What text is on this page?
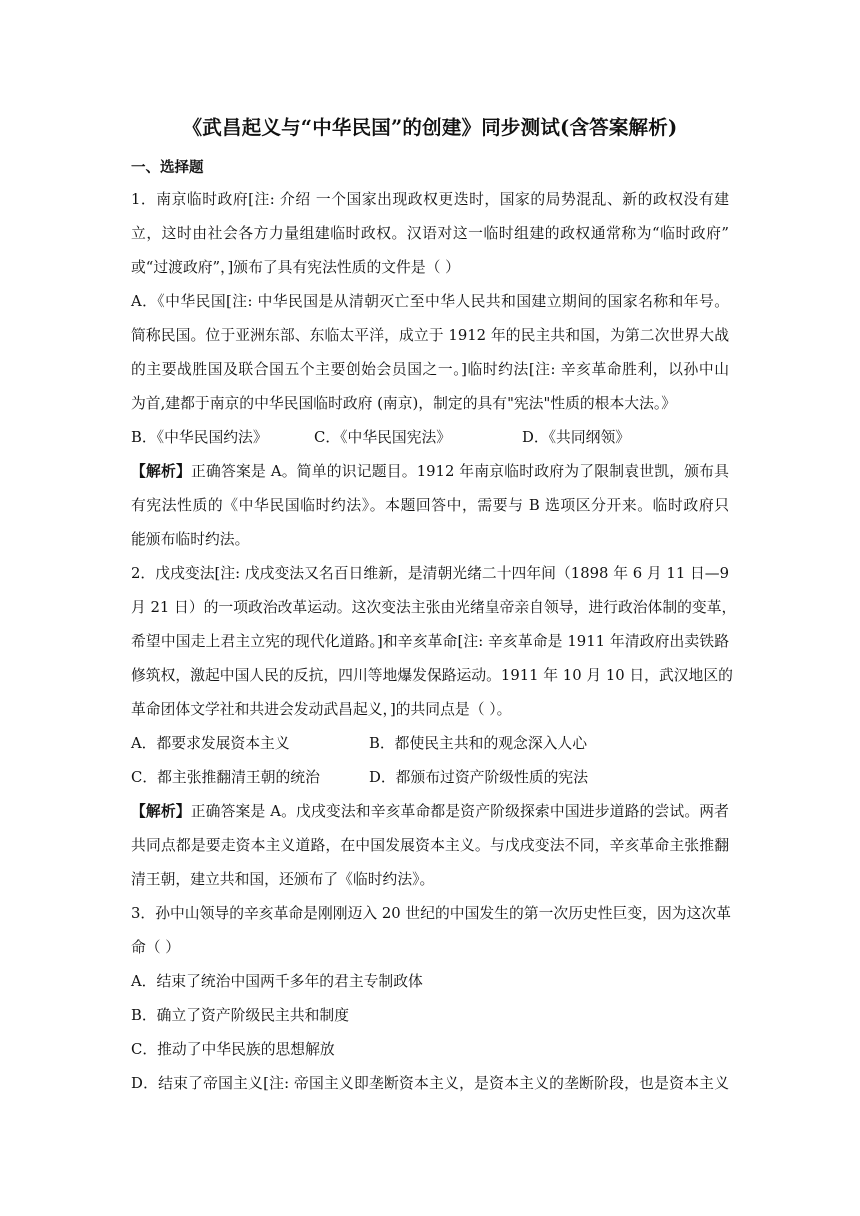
《武昌起义与“中华民国”的创建》同步测试(含答案解析)
一、选择题
1．南京临时政府[注: 介绍 一个国家出现政权更迭时，国家的局势混乱、新的政权没有建
立，这时由社会各方力量组建临时政权。汉语对这一临时组建的政权通常称为“临时政府”
或“过渡政府”，]颁布了具有宪法性质的文件是（ ）
A．《中华民国[注: 中华民国是从清朝灭亡至中华人民共和国建立期间的国家名称和年号。
简称民国。位于亚洲东部、东临太平洋，成立于 1912 年的民主共和国，为第二次世界大战
的主要战胜国及联合国五个主要创始会员国之一。]临时约法[注: 辛亥革命胜利，以孙中山
为首,建都于南京的中华民国临时政府 (南京)，制定的具有"宪法"性质的根本大法。》
B．《中华民国约法》	C．《中华民国宪法》	D．《共同纲领》
【解析】正确答案是 A。简单的识记题目。1912 年南京临时政府为了限制袁世凯，颁布具
有宪法性质的《中华民国临时约法》。本题回答中，需要与 B 选项区分开来。临时政府只
能颁布临时约法。
2．戊戌变法[注: 戊戌变法又名百日维新，是清朝光绪二十四年间（1898 年 6 月 11 日—9
月 21 日）的一项政治改革运动。这次变法主张由光绪皇帝亲自领导，进行政治体制的变革，
希望中国走上君主立宪的现代化道路。]和辛亥革命[注: 辛亥革命是 1911 年清政府出卖铁路
修筑权，激起中国人民的反抗，四川等地爆发保路运动。1911 年 10 月 10 日，武汉地区的
革命团体文学社和共进会发动武昌起义，]的共同点是（ ）。
A．都要求发展资本主义	B．都使民主共和的观念深入人心
C．都主张推翻清王朝的统治	D．都颁布过资产阶级性质的宪法
【解析】正确答案是 A。戊戌变法和辛亥革命都是资产阶级探索中国进步道路的尝试。两者
共同点都是要走资本主义道路，在中国发展资本主义。与戊戌变法不同，辛亥革命主张推翻
清王朝，建立共和国，还颁布了《临时约法》。
3．孙中山领导的辛亥革命是刚刚迈入 20 世纪的中国发生的第一次历史性巨变，因为这次革
命（ ）
A．结束了统治中国两千多年的君主专制政体
B．确立了资产阶级民主共和制度
C．推动了中华民族的思想解放
D．结束了帝国主义[注: 帝国主义即垄断资本主义，是资本主义的垄断阶段，也是资本主义
